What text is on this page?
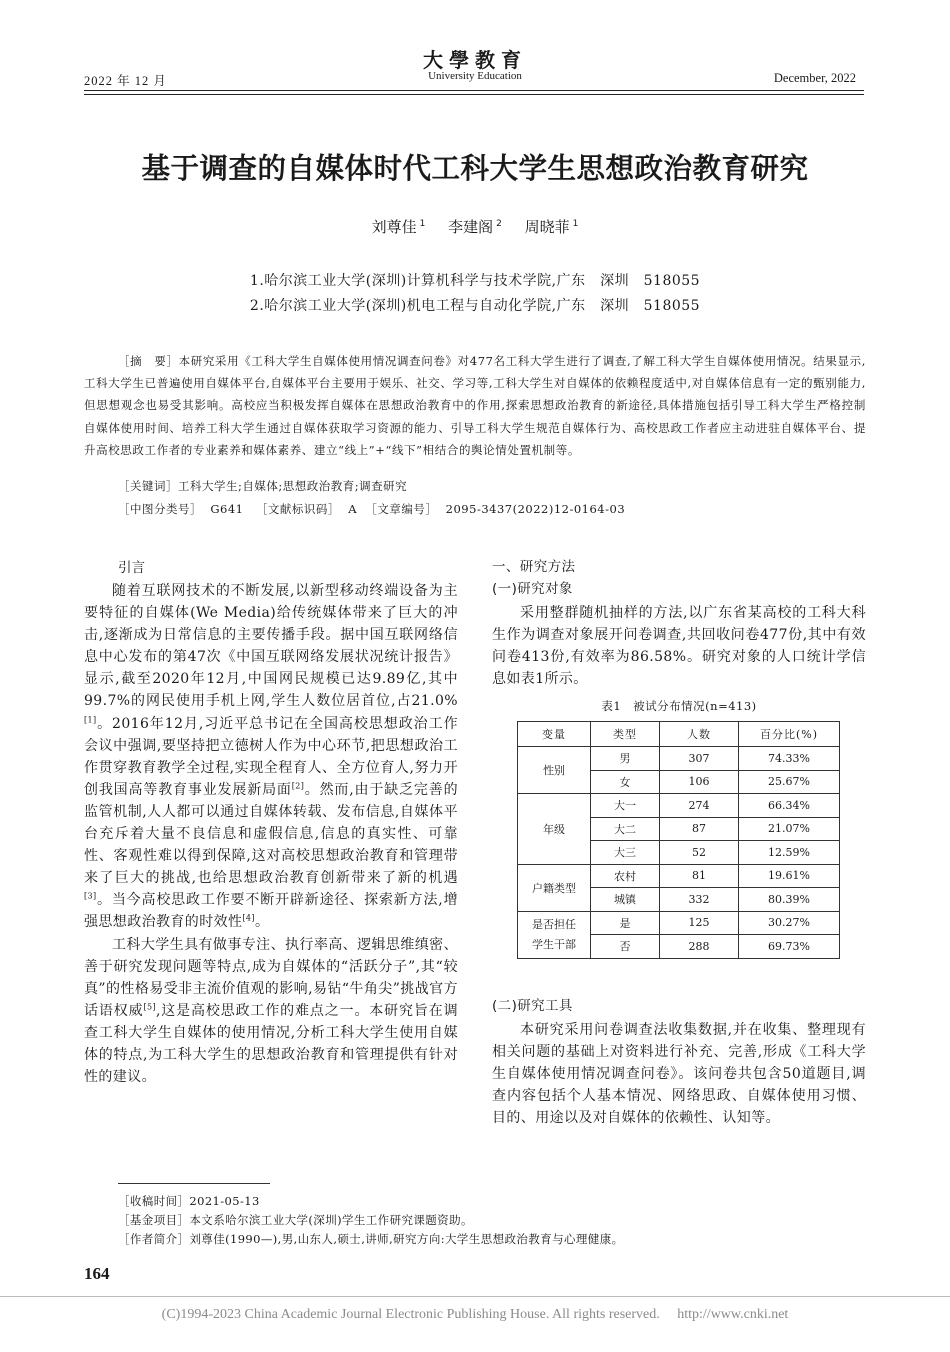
大學教育
University Education
2022 年 12 月	December, 2022
基于调查的自媒体时代工科大学生思想政治教育研究
刘尊佳 $^1$ 李建阁 $^2$ 周晓菲 $^1$
1.哈尔滨工业大学(深圳)计算机科学与技术学院,广东　深圳　518055
2.哈尔滨工业大学(深圳)机电工程与自动化学院,广东　深圳　518055
［摘　要］本研究采用《工科大学生自媒体使用情况调查问卷》对477名工科大学生进行了调查,了解工科大学生自媒体使用情况。结果显示,工科大学生已普遍使用自媒体平台,自媒体平台主要用于娱乐、社交、学习等,工科大学生对自媒体的依赖程度适中,对自媒体信息有一定的甄别能力,但思想观念也易受其影响。高校应当积极发挥自媒体在思想政治教育中的作用,探索思想政治教育的新途径,具体措施包括引导工科大学生严格控制自媒体使用时间、培养工科大学生通过自媒体获取学习资源的能力、引导工科大学生规范自媒体行为、高校思政工作者应主动进驻自媒体平台、提升高校思政工作者的专业素养和媒体素养、建立“线上”+“线下”相结合的舆论情处置机制等。
［关键词］工科大学生;自媒体;思想政治教育;调查研究
［中图分类号］ G641 ［文献标识码］ A ［文章编号］ 2095-3437(2022)12-0164-03
引言

随着互联网技术的不断发展,以新型移动终端设备为主要特征的自媒体(We Media)给传统媒体带来了巨大的冲击,逐渐成为日常信息的主要传播手段。据中国互联网络信息中心发布的第47次《中国互联网络发展状况统计报告》显示,截至2020年12月,中国网民规模已达9.89亿,其中99.7%的网民使用手机上网,学生人数位居首位,占21.0%[1]。2016年12月,习近平总书记在全国高校思想政治工作会议中强调,要坚持把立德树人作为中心环节,把思想政治工作贯穿教育教学全过程,实现全程育人、全方位育人,努力开创我国高等教育事业发展新局面[2]。然而,由于缺乏完善的监管机制,人人都可以通过自媒体转载、发布信息,自媒体平台充斥着大量不良信息和虚假信息,信息的真实性、可靠性、客观性难以得到保障,这对高校思想政治教育和管理带来了巨大的挑战,也给思想政治教育创新带来了新的机遇[3]。当今高校思政工作要不断开辟新途径、探索新方法,增强思想政治教育的时效性[4]。

工科大学生具有做事专注、执行率高、逻辑思维缜密、善于研究发现问题等特点,成为自媒体的“活跃分子”,其“较真”的性格易受非主流价值观的影响,易钻“牛角尖”挑战官方话语权威[5],这是高校思政工作的难点之一。本研究旨在调查工科大学生自媒体的使用情况,分析工科大学生使用自媒体的特点,为工科大学生的思想政治教育和管理提供有针对性的建议。

一、研究方法
(一)研究对象

采用整群随机抽样的方法,以广东省某高校的工科大科生作为调查对象展开问卷调查,共回收问卷477份,其中有效问卷413份,有效率为86.58%。研究对象的人口统计学信息如表1所示。

表1　被试分布情况(n=413)
变量	类型	人数	百分比(%)
性别	男	307	74.33%
	女	106	25.67%
年级	大一	274	66.34%
	大二	87	21.07%
	大三	52	12.59%
户籍类型	农村	81	19.61%
	城镇	332	80.39%
是否担任学生干部	是	125	30.27%
	否	288	69.73%
(二)研究工具

本研究采用问卷调查法收集数据,并在收集、整理现有相关问题的基础上对资料进行补充、完善,形成《工科大学生自媒体使用情况调查问卷》。该问卷共包含50道题目,调查内容包括个人基本情况、网络思政、自媒体使用习惯、目的、用途以及对自媒体的依赖性、认知等。

［收稿时间］2021-05-13
［基金项目］本文系哈尔滨工业大学(深圳)学生工作研究课题资助。
［作者简介］刘尊佳(1990—),男,山东人,硕士,讲师,研究方向:大学生思想政治教育与心理健康。
164
(C)1994-2023 China Academic Journal Electronic Publishing House. All rights reserved.　 http://www.cnki.net
